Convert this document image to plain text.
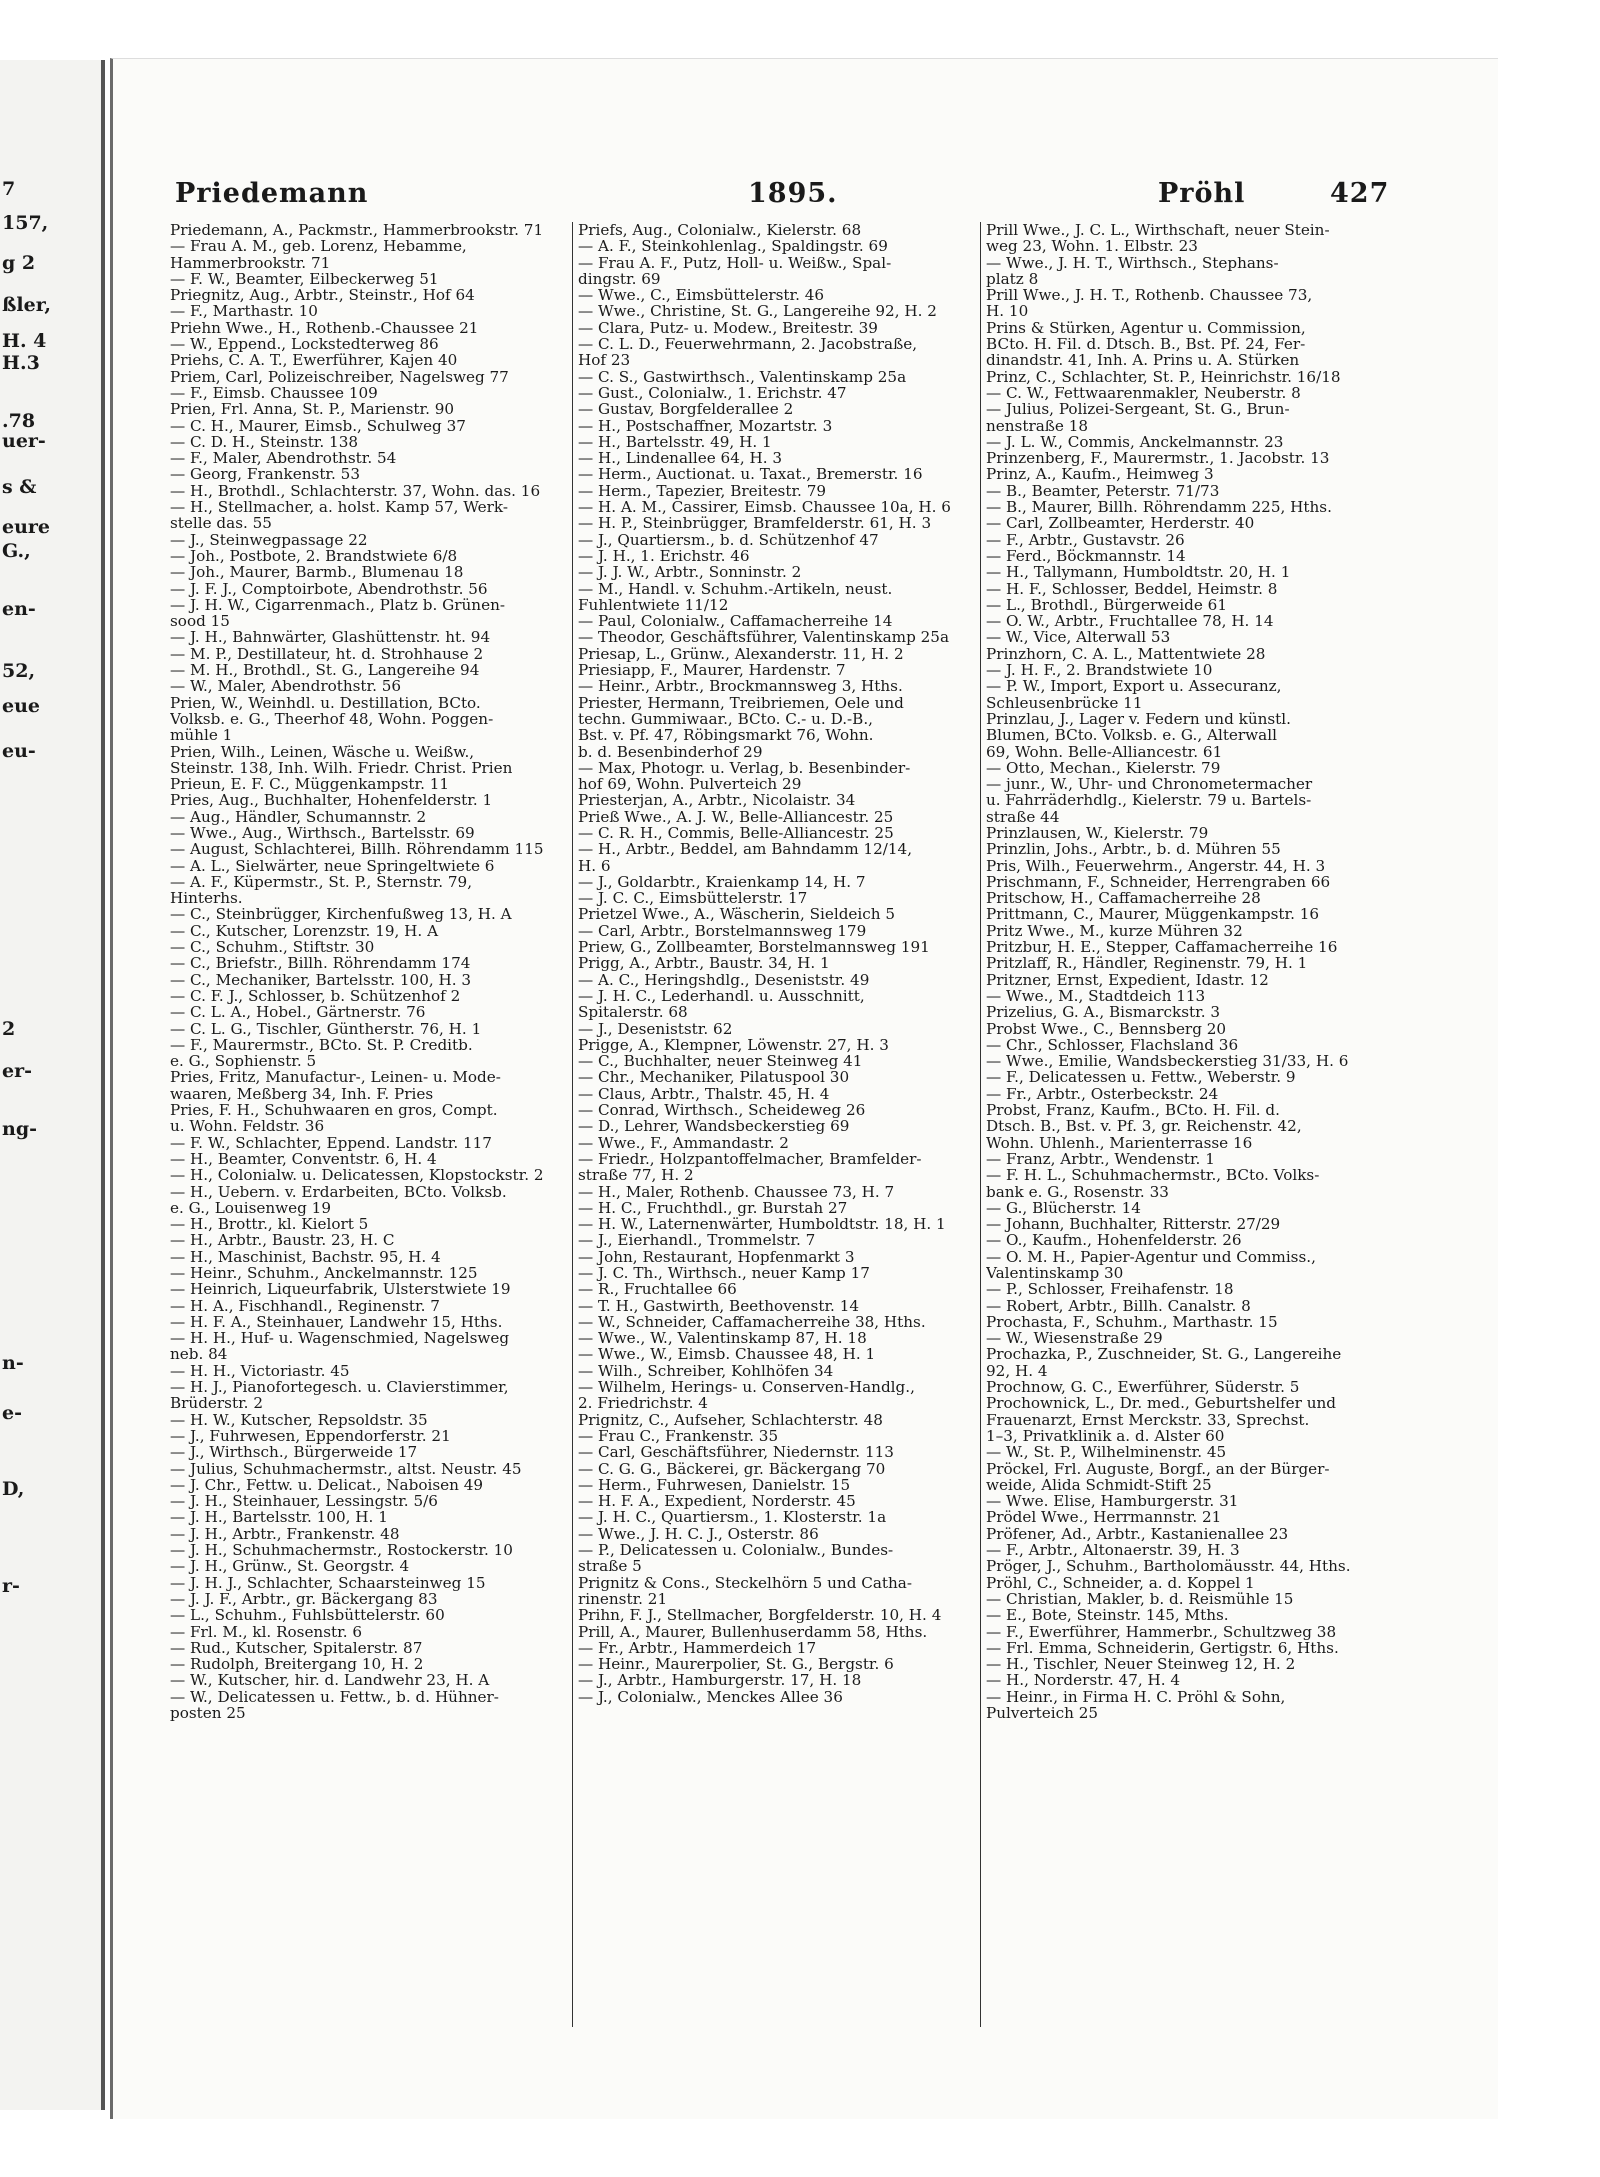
7
157,
g 2
ßler,
H. 4
H.3
.78
uer-
s &
eure
G.,
en-
52,
eue
eu-
2
er-
ng-
n-
e-
D,
r-
Priedemann	1895.	Pröhl	427
Priedemann, A., Packmstr., Hammerbrookstr. 71
— Frau A. M., geb. Lorenz, Hebamme,
Hammerbrookstr. 71
— F. W., Beamter, Eilbeckerweg 51
Priegnitz, Aug., Arbtr., Steinstr., Hof 64
— F., Marthastr. 10
Priehn Wwe., H., Rothenb.-Chaussee 21
— W., Eppend., Lockstedterweg 86
Priehs, C. A. T., Ewerführer, Kajen 40
Priem, Carl, Polizeischreiber, Nagelsweg 77
— F., Eimsb. Chaussee 109
Prien, Frl. Anna, St. P., Marienstr. 90
— C. H., Maurer, Eimsb., Schulweg 37
— C. D. H., Steinstr. 138
— F., Maler, Abendrothstr. 54
— Georg, Frankenstr. 53
— H., Brothdl., Schlachterstr. 37, Wohn. das. 16
— H., Stellmacher, a. holst. Kamp 57, Werk-
stelle das. 55
— J., Steinwegpassage 22
— Joh., Postbote, 2. Brandstwiete 6/8
— Joh., Maurer, Barmb., Blumenau 18
— J. F. J., Comptoirbote, Abendrothstr. 56
— J. H. W., Cigarrenmach., Platz b. Grünen-
sood 15
— J. H., Bahnwärter, Glashüttenstr. ht. 94
— M. P., Destillateur, ht. d. Strohhause 2
— M. H., Brothdl., St. G., Langereihe 94
— W., Maler, Abendrothstr. 56
Prien, W., Weinhdl. u. Destillation, BCto.
Volksb. e. G., Theerhof 48, Wohn. Poggen-
mühle 1
Prien, Wilh., Leinen, Wäsche u. Weißw.,
Steinstr. 138, Inh. Wilh. Friedr. Christ. Prien
Prieun, E. F. C., Müggenkampstr. 11
Pries, Aug., Buchhalter, Hohenfelderstr. 1
— Aug., Händler, Schumannstr. 2
— Wwe., Aug., Wirthsch., Bartelsstr. 69
— August, Schlachterei, Billh. Röhrendamm 115
— A. L., Sielwärter, neue Springeltwiete 6
— A. F., Küpermstr., St. P., Sternstr. 79,
Hinterhs.
— C., Steinbrügger, Kirchenfußweg 13, H. A
— C., Kutscher, Lorenzstr. 19, H. A
— C., Schuhm., Stiftstr. 30
— C., Briefstr., Billh. Röhrendamm 174
— C., Mechaniker, Bartelsstr. 100, H. 3
— C. F. J., Schlosser, b. Schützenhof 2
— C. L. A., Hobel., Gärtnerstr. 76
— C. L. G., Tischler, Güntherstr. 76, H. 1
— F., Maurermstr., BCto. St. P. Creditb.
e. G., Sophienstr. 5
Pries, Fritz, Manufactur-, Leinen- u. Mode-
waaren, Meßberg 34, Inh. F. Pries
Pries, F. H., Schuhwaaren en gros, Compt.
u. Wohn. Feldstr. 36
— F. W., Schlachter, Eppend. Landstr. 117
— H., Beamter, Conventstr. 6, H. 4
— H., Colonialw. u. Delicatessen, Klopstockstr. 2
— H., Uebern. v. Erdarbeiten, BCto. Volksb.
e. G., Louisenweg 19
— H., Brottr., kl. Kielort 5
— H., Arbtr., Baustr. 23, H. C
— H., Maschinist, Bachstr. 95, H. 4
— Heinr., Schuhm., Anckelmannstr. 125
— Heinrich, Liqueurfabrik, Ulsterstwiete 19
— H. A., Fischhandl., Reginenstr. 7
— H. F. A., Steinhauer, Landwehr 15, Hths.
— H. H., Huf- u. Wagenschmied, Nagelsweg
neb. 84
— H. H., Victoriastr. 45
— H. J., Pianofortegesch. u. Clavierstimmer,
Brüderstr. 2
— H. W., Kutscher, Repsoldstr. 35
— J., Fuhrwesen, Eppendorferstr. 21
— J., Wirthsch., Bürgerweide 17
— Julius, Schuhmachermstr., altst. Neustr. 45
— J. Chr., Fettw. u. Delicat., Naboisen 49
— J. H., Steinhauer, Lessingstr. 5/6
— J. H., Bartelsstr. 100, H. 1
— J. H., Arbtr., Frankenstr. 48
— J. H., Schuhmachermstr., Rostockerstr. 10
— J. H., Grünw., St. Georgstr. 4
— J. H. J., Schlachter, Schaarsteinweg 15
— J. J. F., Arbtr., gr. Bäckergang 83
— L., Schuhm., Fuhlsbüttelerstr. 60
— Frl. M., kl. Rosenstr. 6
— Rud., Kutscher, Spitalerstr. 87
— Rudolph, Breitergang 10, H. 2
— W., Kutscher, hir. d. Landwehr 23, H. A
— W., Delicatessen u. Fettw., b. d. Hühner-
posten 25
Priefs, Aug., Colonialw., Kielerstr. 68
— A. F., Steinkohlenlag., Spaldingstr. 69
— Frau A. F., Putz, Holl- u. Weißw., Spal-
dingstr. 69
— Wwe., C., Eimsbüttelerstr. 46
— Wwe., Christine, St. G., Langereihe 92, H. 2
— Clara, Putz- u. Modew., Breitestr. 39
— C. L. D., Feuerwehrmann, 2. Jacobstraße,
Hof 23
— C. S., Gastwirthsch., Valentinskamp 25a
— Gust., Colonialw., 1. Erichstr. 47
— Gustav, Borgfelderallee 2
— H., Postschaffner, Mozartstr. 3
— H., Bartelsstr. 49, H. 1
— H., Lindenallee 64, H. 3
— Herm., Auctionat. u. Taxat., Bremerstr. 16
— Herm., Tapezier, Breitestr. 79
— H. A. M., Cassirer, Eimsb. Chaussee 10a, H. 6
— H. P., Steinbrügger, Bramfelderstr. 61, H. 3
— J., Quartiersm., b. d. Schützenhof 47
— J. H., 1. Erichstr. 46
— J. J. W., Arbtr., Sonninstr. 2
— M., Handl. v. Schuhm.-Artikeln, neust.
Fuhlentwiete 11/12
— Paul, Colonialw., Caffamacherreihe 14
— Theodor, Geschäftsführer, Valentinskamp 25a
Priesap, L., Grünw., Alexanderstr. 11, H. 2
Priesiapp, F., Maurer, Hardenstr. 7
— Heinr., Arbtr., Brockmannsweg 3, Hths.
Priester, Hermann, Treibriemen, Oele und
techn. Gummiwaar., BCto. C.- u. D.-B.,
Bst. v. Pf. 47, Röbingsmarkt 76, Wohn.
b. d. Besenbinderhof 29
— Max, Photogr. u. Verlag, b. Besenbinder-
hof 69, Wohn. Pulverteich 29
Priesterjan, A., Arbtr., Nicolaistr. 34
Prieß Wwe., A. J. W., Belle-Alliancestr. 25
— C. R. H., Commis, Belle-Alliancestr. 25
— H., Arbtr., Beddel, am Bahndamm 12/14,
H. 6
— J., Goldarbtr., Kraienkamp 14, H. 7
— J. C. C., Eimsbüttelerstr. 17
Prietzel Wwe., A., Wäscherin, Sieldeich 5
— Carl, Arbtr., Borstelmannsweg 179
Priew, G., Zollbeamter, Borstelmannsweg 191
Prigg, A., Arbtr., Baustr. 34, H. 1
— A. C., Heringshdlg., Deseniststr. 49
— J. H. C., Lederhandl. u. Ausschnitt,
Spitalerstr. 68
— J., Deseniststr. 62
Prigge, A., Klempner, Löwenstr. 27, H. 3
— C., Buchhalter, neuer Steinweg 41
— Chr., Mechaniker, Pilatuspool 30
— Claus, Arbtr., Thalstr. 45, H. 4
— Conrad, Wirthsch., Scheideweg 26
— D., Lehrer, Wandsbeckerstieg 69
— Wwe., F., Ammandastr. 2
— Friedr., Holzpantoffelmacher, Bramfelder-
straße 77, H. 2
— H., Maler, Rothenb. Chaussee 73, H. 7
— H. C., Fruchthdl., gr. Burstah 27
— H. W., Laternenwärter, Humboldtstr. 18, H. 1
— J., Eierhandl., Trommelstr. 7
— John, Restaurant, Hopfenmarkt 3
— J. C. Th., Wirthsch., neuer Kamp 17
— R., Fruchtallee 66
— T. H., Gastwirth, Beethovenstr. 14
— W., Schneider, Caffamacherreihe 38, Hths.
— Wwe., W., Valentinskamp 87, H. 18
— Wwe., W., Eimsb. Chaussee 48, H. 1
— Wilh., Schreiber, Kohlhöfen 34
— Wilhelm, Herings- u. Conserven-Handlg.,
2. Friedrichstr. 4
Prignitz, C., Aufseher, Schlachterstr. 48
— Frau C., Frankenstr. 35
— Carl, Geschäftsführer, Niedernstr. 113
— C. G. G., Bäckerei, gr. Bäckergang 70
— Herm., Fuhrwesen, Danielstr. 15
— H. F. A., Expedient, Norderstr. 45
— J. H. C., Quartiersm., 1. Klosterstr. 1a
— Wwe., J. H. C. J., Osterstr. 86
— P., Delicatessen u. Colonialw., Bundes-
straße 5
Prignitz & Cons., Steckelhörn 5 und Catha-
rinenstr. 21
Prihn, F. J., Stellmacher, Borgfelderstr. 10, H. 4
Prill, A., Maurer, Bullenhuserdamm 58, Hths.
— Fr., Arbtr., Hammerdeich 17
— Heinr., Maurerpolier, St. G., Bergstr. 6
— J., Arbtr., Hamburgerstr. 17, H. 18
— J., Colonialw., Menckes Allee 36
Prill Wwe., J. C. L., Wirthschaft, neuer Stein-
weg 23, Wohn. 1. Elbstr. 23
— Wwe., J. H. T., Wirthsch., Stephans-
platz 8
Prill Wwe., J. H. T., Rothenb. Chaussee 73,
H. 10
Prins & Stürken, Agentur u. Commission,
BCto. H. Fil. d. Dtsch. B., Bst. Pf. 24, Fer-
dinandstr. 41, Inh. A. Prins u. A. Stürken
Prinz, C., Schlachter, St. P., Heinrichstr. 16/18
— C. W., Fettwaarenmakler, Neuberstr. 8
— Julius, Polizei-Sergeant, St. G., Brun-
nenstraße 18
— J. L. W., Commis, Anckelmannstr. 23
Prinzenberg, F., Maurermstr., 1. Jacobstr. 13
Prinz, A., Kaufm., Heimweg 3
— B., Beamter, Peterstr. 71/73
— B., Maurer, Billh. Röhrendamm 225, Hths.
— Carl, Zollbeamter, Herderstr. 40
— F., Arbtr., Gustavstr. 26
— Ferd., Böckmannstr. 14
— H., Tallymann, Humboldtstr. 20, H. 1
— H. F., Schlosser, Beddel, Heimstr. 8
— L., Brothdl., Bürgerweide 61
— O. W., Arbtr., Fruchtallee 78, H. 14
— W., Vice, Alterwall 53
Prinzhorn, C. A. L., Mattentwiete 28
— J. H. F., 2. Brandstwiete 10
— P. W., Import, Export u. Assecuranz,
Schleusenbrücke 11
Prinzlau, J., Lager v. Federn und künstl.
Blumen, BCto. Volksb. e. G., Alterwall
69, Wohn. Belle-Alliancestr. 61
— Otto, Mechan., Kielerstr. 79
— junr., W., Uhr- und Chronometermacher
u. Fahrräderhdlg., Kielerstr. 79 u. Bartels-
straße 44
Prinzlausen, W., Kielerstr. 79
Prinzlin, Johs., Arbtr., b. d. Mühren 55
Pris, Wilh., Feuerwehrm., Angerstr. 44, H. 3
Prischmann, F., Schneider, Herrengraben 66
Pritschow, H., Caffamacherreihe 28
Prittmann, C., Maurer, Müggenkampstr. 16
Pritz Wwe., M., kurze Mühren 32
Pritzbur, H. E., Stepper, Caffamacherreihe 16
Pritzlaff, R., Händler, Reginenstr. 79, H. 1
Pritzner, Ernst, Expedient, Idastr. 12
— Wwe., M., Stadtdeich 113
Prizelius, G. A., Bismarckstr. 3
Probst Wwe., C., Bennsberg 20
— Chr., Schlosser, Flachsland 36
— Wwe., Emilie, Wandsbeckerstieg 31/33, H. 6
— F., Delicatessen u. Fettw., Weberstr. 9
— Fr., Arbtr., Osterbeckstr. 24
Probst, Franz, Kaufm., BCto. H. Fil. d.
Dtsch. B., Bst. v. Pf. 3, gr. Reichenstr. 42,
Wohn. Uhlenh., Marienterrasse 16
— Franz, Arbtr., Wendenstr. 1
— F. H. L., Schuhmachermstr., BCto. Volks-
bank e. G., Rosenstr. 33
— G., Blücherstr. 14
— Johann, Buchhalter, Ritterstr. 27/29
— O., Kaufm., Hohenfelderstr. 26
— O. M. H., Papier-Agentur und Commiss.,
Valentinskamp 30
— P., Schlosser, Freihafenstr. 18
— Robert, Arbtr., Billh. Canalstr. 8
Prochasta, F., Schuhm., Marthastr. 15
— W., Wiesenstraße 29
Prochazka, P., Zuschneider, St. G., Langereihe
92, H. 4
Prochnow, G. C., Ewerführer, Süderstr. 5
Prochownick, L., Dr. med., Geburtshelfer und
Frauenarzt, Ernst Merckstr. 33, Sprechst.
1–3, Privatklinik a. d. Alster 60
— W., St. P., Wilhelminenstr. 45
Pröckel, Frl. Auguste, Borgf., an der Bürger-
weide, Alida Schmidt-Stift 25
— Wwe. Elise, Hamburgerstr. 31
Prödel Wwe., Herrmannstr. 21
Pröfener, Ad., Arbtr., Kastanienallee 23
— F., Arbtr., Altonaerstr. 39, H. 3
Pröger, J., Schuhm., Bartholomäusstr. 44, Hths.
Pröhl, C., Schneider, a. d. Koppel 1
— Christian, Makler, b. d. Reismühle 15
— E., Bote, Steinstr. 145, Mths.
— F., Ewerführer, Hammerbr., Schultzweg 38
— Frl. Emma, Schneiderin, Gertigstr. 6, Hths.
— H., Tischler, Neuer Steinweg 12, H. 2
— H., Norderstr. 47, H. 4
— Heinr., in Firma H. C. Pröhl & Sohn,
Pulverteich 25
